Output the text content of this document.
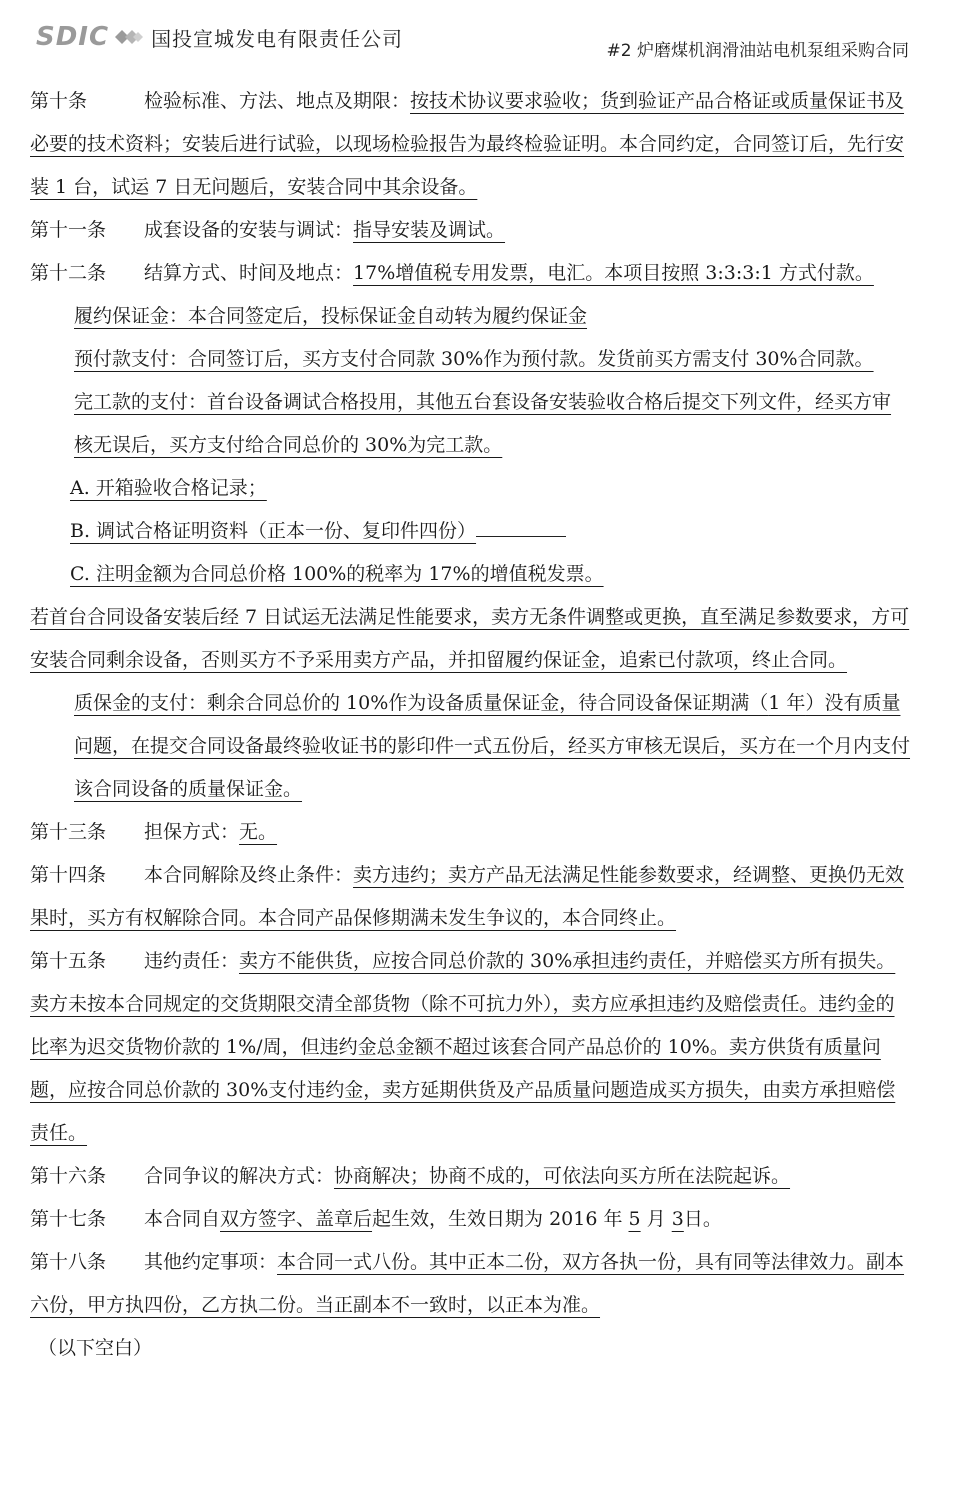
SDIC 国投宣城发电有限责任公司
#2 炉磨煤机润滑油站电机泵组采购合同

第十条	检验标准、方法、地点及期限：按技术协议要求验收；货到验证产品合格证或质量保证书及必要的技术资料；安装后进行试验，以现场检验报告为最终检验证明。本合同约定，合同签订后，先行安装 1 台，试运 7 日无问题后，安装合同中其余设备。

第十一条 成套设备的安装与调试：指导安装及调试。

第十二条 结算方式、时间及地点：17%增值税专用发票，电汇。本项目按照 3:3:3:1 方式付款。

履约保证金：本合同签定后，投标保证金自动转为履约保证金

预付款支付：合同签订后，买方支付合同款 30%作为预付款。发货前买方需支付 30%合同款。

完工款的支付：首台设备调试合格投用，其他五台套设备安装验收合格后提交下列文件，经买方审核无误后，买方支付给合同总价的 30%为完工款。

A. 开箱验收合格记录；

B. 调试合格证明资料（正本一份、复印件四份）

C. 注明金额为合同总价格 100%的税率为 17%的增值税发票。

若首台合同设备安装后经 7 日试运无法满足性能要求，卖方无条件调整或更换，直至满足参数要求，方可安装合同剩余设备，否则买方不予采用卖方产品，并扣留履约保证金，追索已付款项，终止合同。

质保金的支付：剩余合同总价的 10%作为设备质量保证金，待合同设备保证期满（1 年）没有质量问题，在提交合同设备最终验收证书的影印件一式五份后，经买方审核无误后，买方在一个月内支付该合同设备的质量保证金。

第十三条 担保方式：无。

第十四条 本合同解除及终止条件：卖方违约；卖方产品无法满足性能参数要求，经调整、更换仍无效果时，买方有权解除合同。本合同产品保修期满未发生争议的，本合同终止。

第十五条 违约责任：卖方不能供货，应按合同总价款的 30%承担违约责任，并赔偿买方所有损失。卖方未按本合同规定的交货期限交清全部货物（除不可抗力外），卖方应承担违约及赔偿责任。违约金的比率为迟交货物价款的 1%/周，但违约金总金额不超过该套合同产品总价的 10%。卖方供货有质量问题，应按合同总价款的 30%支付违约金，卖方延期供货及产品质量问题造成买方损失，由卖方承担赔偿责任。

第十六条 合同争议的解决方式：协商解决；协商不成的，可依法向买方所在法院起诉。

第十七条 本合同自双方签字、盖章后起生效，生效日期为 2016 年 5 月 3日。

第十八条 其他约定事项：本合同一式八份。其中正本二份，双方各执一份，具有同等法律效力。副本六份，甲方执四份，乙方执二份。当正副本不一致时，以正本为准。

（以下空白）
